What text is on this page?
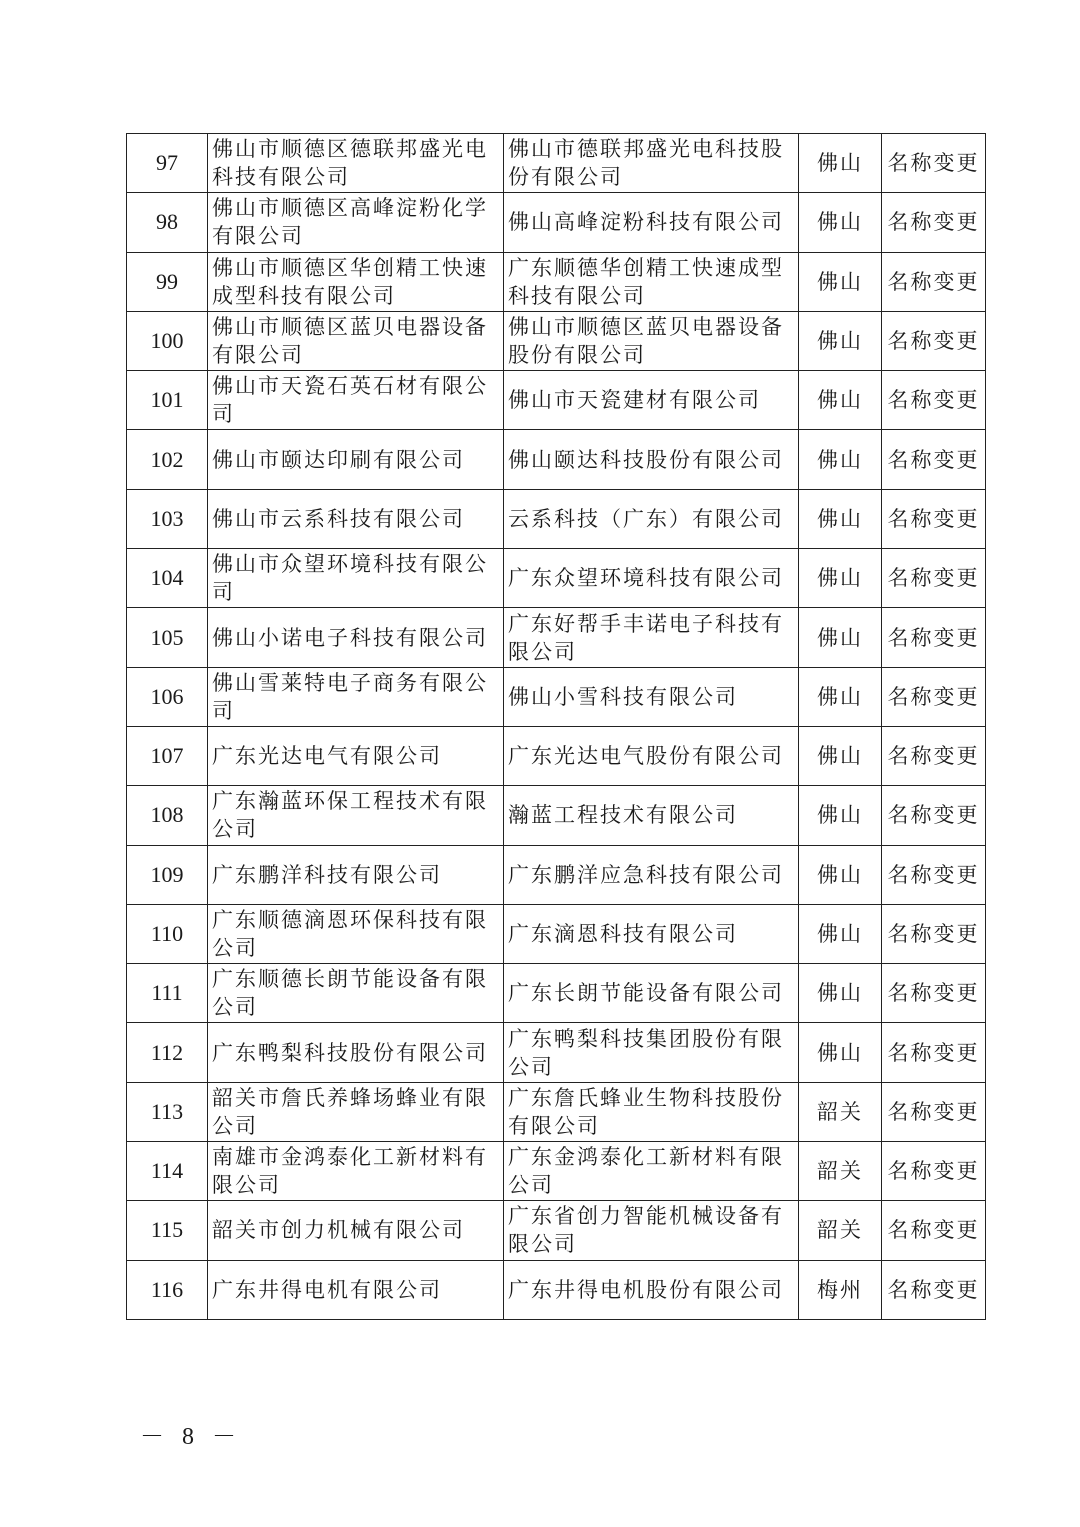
97	佛山市顺德区德联邦盛光电科技有限公司	佛山市德联邦盛光电科技股份有限公司	佛山	名称变更
98	佛山市顺德区高峰淀粉化学有限公司	佛山高峰淀粉科技有限公司	佛山	名称变更
99	佛山市顺德区华创精工快速成型科技有限公司	广东顺德华创精工快速成型科技有限公司	佛山	名称变更
100	佛山市顺德区蓝贝电器设备有限公司	佛山市顺德区蓝贝电器设备股份有限公司	佛山	名称变更
101	佛山市天瓷石英石材有限公司	佛山市天瓷建材有限公司	佛山	名称变更
102	佛山市颐达印刷有限公司	佛山颐达科技股份有限公司	佛山	名称变更
103	佛山市云系科技有限公司	云系科技（广东）有限公司	佛山	名称变更
104	佛山市众望环境科技有限公司	广东众望环境科技有限公司	佛山	名称变更
105	佛山小诺电子科技有限公司	广东好帮手丰诺电子科技有限公司	佛山	名称变更
106	佛山雪莱特电子商务有限公司	佛山小雪科技有限公司	佛山	名称变更
107	广东光达电气有限公司	广东光达电气股份有限公司	佛山	名称变更
108	广东瀚蓝环保工程技术有限公司	瀚蓝工程技术有限公司	佛山	名称变更
109	广东鹏洋科技有限公司	广东鹏洋应急科技有限公司	佛山	名称变更
110	广东顺德滴恩环保科技有限公司	广东滴恩科技有限公司	佛山	名称变更
111	广东顺德长朗节能设备有限公司	广东长朗节能设备有限公司	佛山	名称变更
112	广东鸭梨科技股份有限公司	广东鸭梨科技集团股份有限公司	佛山	名称变更
113	韶关市詹氏养蜂场蜂业有限公司	广东詹氏蜂业生物科技股份有限公司	韶关	名称变更
114	南雄市金鸿泰化工新材料有限公司	广东金鸿泰化工新材料有限公司	韶关	名称变更
115	韶关市创力机械有限公司	广东省创力智能机械设备有限公司	韶关	名称变更
116	广东井得电机有限公司	广东井得电机股份有限公司	梅州	名称变更
－ 8 －
